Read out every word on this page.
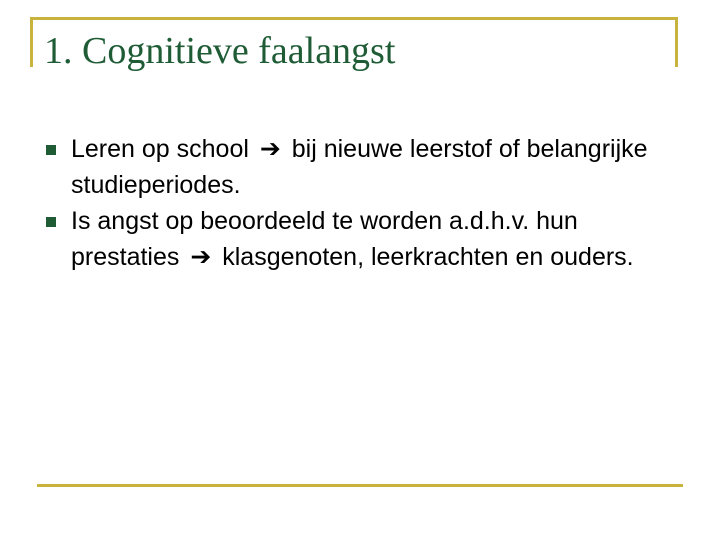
1. Cognitieve faalangst
Leren op school ➔ bij nieuwe leerstof of belangrijke studieperiodes.
Is angst op beoordeeld te worden a.d.h.v. hun prestaties ➔ klasgenoten, leerkrachten en ouders.
